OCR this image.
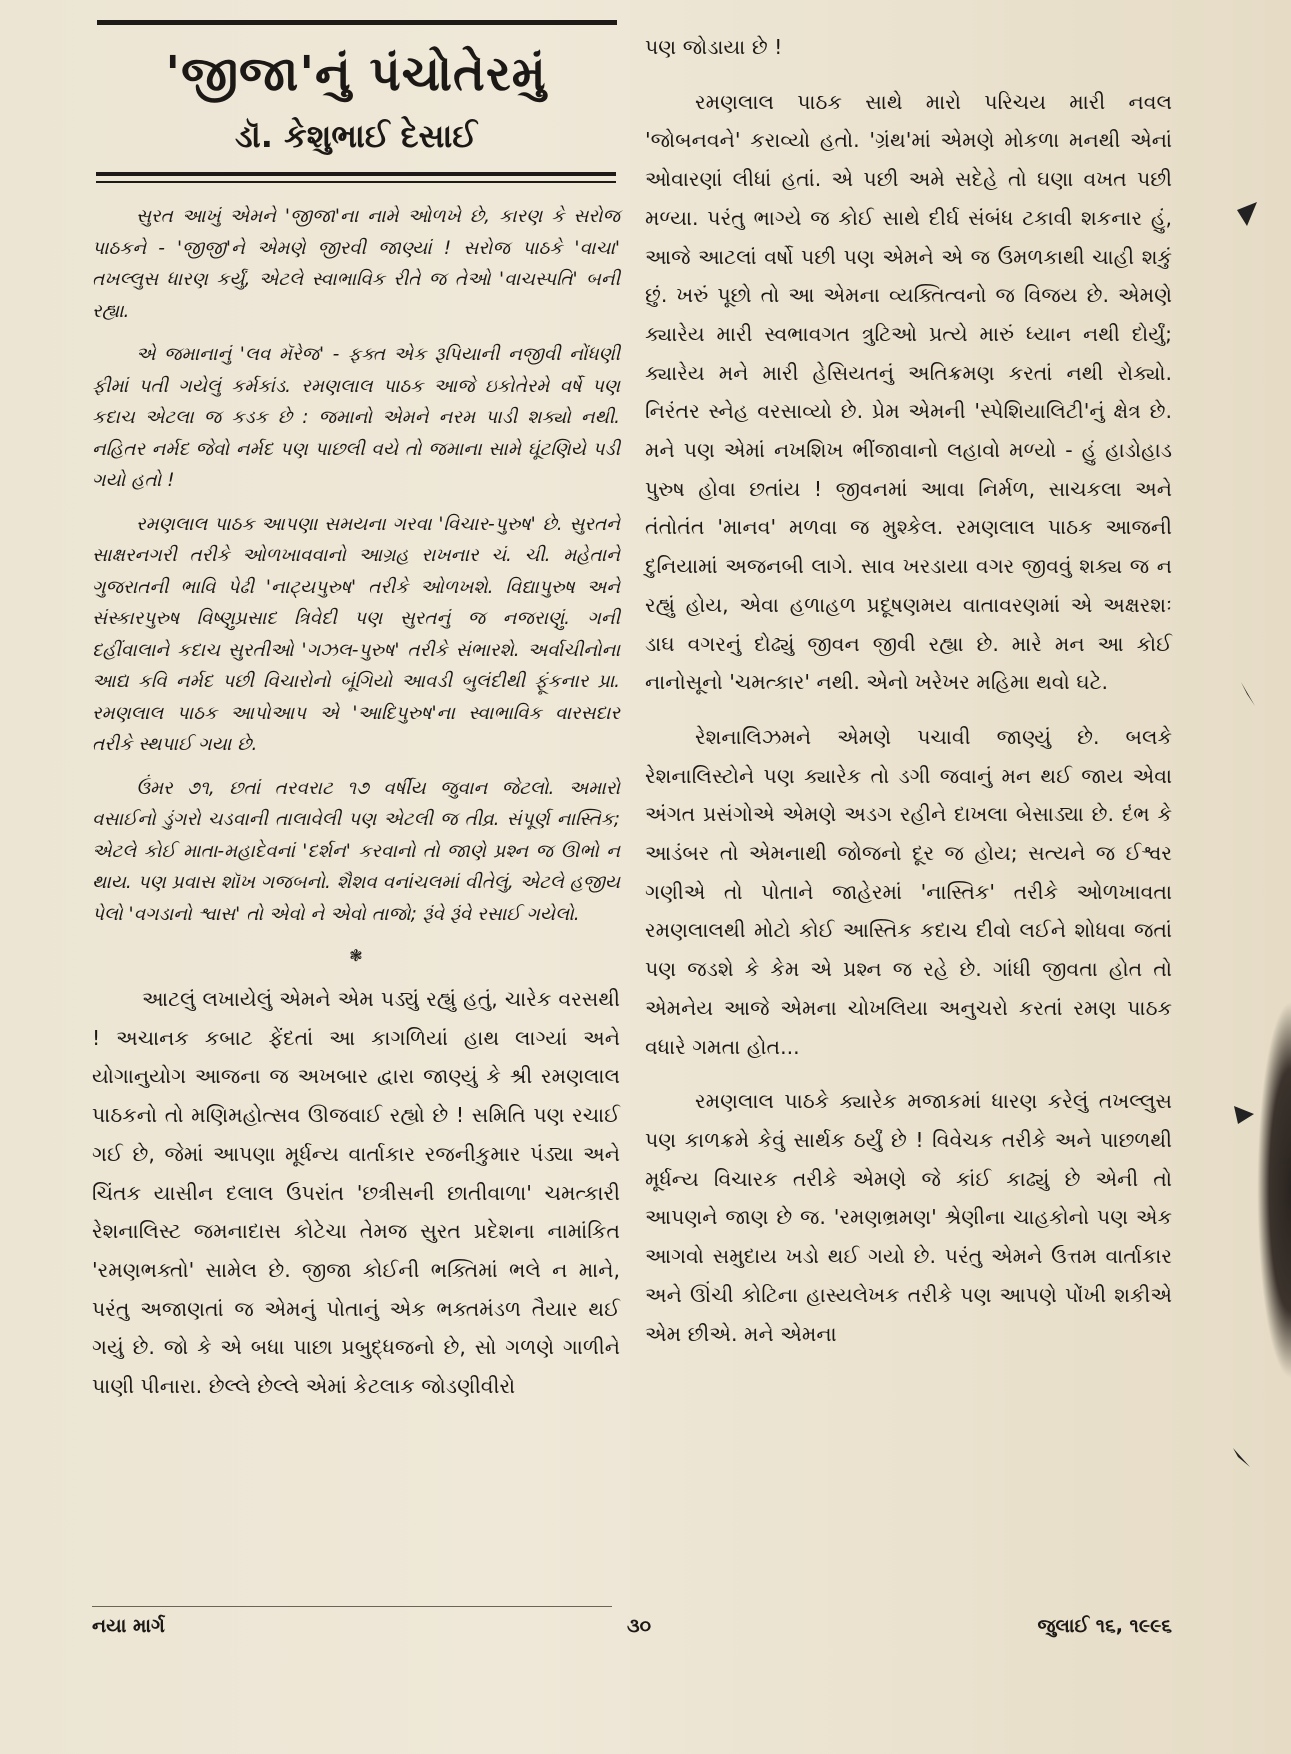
'જીજા'નું પંચોતેરમું
ડૉ. કેશુભાઈ દેસાઈ

સુરત આખું એમને 'જીજા'ના નામે ઓળખે છે, કારણ કે સરોજ પાઠકને - 'જીજી'ને એમણે જીરવી જાણ્યાં ! સરોજ પાઠકે 'વાચા' તખલ્લુસ ધારણ કર્યું, એટલે સ્વાભાવિક રીતે જ તેઓ 'વાચસ્પતિ' બની રહ્યા.

એ જમાનાનું 'લવ મૅરેજ' - ફક્ત એક રૂપિયાની નજીવી નોંધણી ફીમાં પતી ગયેલું કર્મકાંડ. રમણલાલ પાઠક આજે ઇકોતેરમે વર્ષે પણ કદાચ એટલા જ કડક છે : જમાનો એમને નરમ પાડી શક્યો નથી. નહિતર નર્મદ જેવો નર્મદ પણ પાછલી વયે તો જમાના સામે ઘૂંટણિયે પડી ગયો હતો !

રમણલાલ પાઠક આપણા સમયના ગરવા 'વિચાર-પુરુષ' છે. સુરતને સાક્ષરનગરી તરીકે ઓળખાવવાનો આગ્રહ રાખનાર ચં. ચી. મહેતાને ગુજરાતની ભાવિ પેઢી 'નાટ્યપુરુષ' તરીકે ઓળખશે. વિદ્યાપુરુષ અને સંસ્કારપુરુષ વિષ્ણુપ્રસાદ ત્રિવેદી પણ સુરતનું જ નજરાણું. ગની દહીંવાલાને કદાચ સુરતીઓ 'ગઝલ-પુરુષ' તરીકે સંભારશે. અર્વાચીનોના આદ્ય કવિ નર્મદ પછી વિચારોનો બૂંગિયો આવડી બુલંદીથી ફૂંકનાર પ્રા. રમણલાલ પાઠક આપોઆપ એ 'આદિપુરુષ'ના સ્વાભાવિક વારસદાર તરીકે સ્થપાઈ ગયા છે.

ઉંમર ૭૧, છતાં તરવરાટ ૧૭ વર્ષીય જુવાન જેટલો. અમારો વસાઈનો ડુંગરો ચડવાની તાલાવેલી પણ એટલી જ તીવ્ર. સંપૂર્ણ નાસ્તિક; એટલે કોઈ માતા-મહાદેવનાં 'દર્શન' કરવાનો તો જાણે પ્રશ્ન જ ઊભો ન થાય. પણ પ્રવાસ શૉખ ગજબનો. શૈશવ વનાંચલમાં વીતેલું, એટલે હજીય પેલો 'વગડાનો શ્વાસ' તો એવો ને એવો તાજો; રૂંવે રૂંવે રસાઈ ગયેલો.

❃

આટલું લખાયેલું એમને એમ પડ્યું રહ્યું હતું, ચારેક વરસથી ! અચાનક કબાટ ફેંદતાં આ કાગળિયાં હાથ લાગ્યાં અને યોગાનુયોગ આજના જ અખબાર દ્વારા જાણ્યું કે શ્રી રમણલાલ પાઠકનો તો મણિમહોત્સવ ઊજવાઈ રહ્યો છે ! સમિતિ પણ રચાઈ ગઈ છે, જેમાં આપણા મૂર્ધન્ય વાર્તાકાર રજનીકુમાર પંડ્યા અને ચિંતક યાસીન દલાલ ઉપરાંત 'છત્રીસની છાતીવાળા' ચમત્કારી રેશનાલિસ્ટ જમનાદાસ કોટેચા તેમજ સુરત પ્રદેશના નામાંકિત 'રમણભક્તો' સામેલ છે. જીજા કોઈની ભક્તિમાં ભલે ન માને, પરંતુ અજાણતાં જ એમનું પોતાનું એક ભક્તમંડળ તૈયાર થઈ ગયું છે. જો કે એ બધા પાછા પ્રબુદ્ધજનો છે, સો ગળણે ગાળીને પાણી પીનારા. છેલ્લે છેલ્લે એમાં કેટલાક જોડણીવીરો

પણ જોડાયા છે !

રમણલાલ પાઠક સાથે મારો પરિચય મારી નવલ 'જોબનવને' કરાવ્યો હતો. 'ગ્રંથ'માં એમણે મોકળા મનથી એનાં ઓવારણાં લીધાં હતાં. એ પછી અમે સદેહે તો ઘણા વખત પછી મળ્યા. પરંતુ ભાગ્યે જ કોઈ સાથે દીર્ઘ સંબંધ ટકાવી શકનાર હું, આજે આટલાં વર્ષો પછી પણ એમને એ જ ઉમળકાથી ચાહી શકું છું. ખરું પૂછો તો આ એમના વ્યક્તિત્વનો જ વિજય છે. એમણે ક્યારેય મારી સ્વભાવગત ત્રુટિઓ પ્રત્યે મારું ધ્યાન નથી દોર્યું; ક્યારેય મને મારી હેસિયતનું અતિક્રમણ કરતાં નથી રોક્યો. નિરંતર સ્નેહ વરસાવ્યો છે. પ્રેમ એમની 'સ્પેશિયાલિટી'નું ક્ષેત્ર છે. મને પણ એમાં નખશિખ ભીંજાવાનો લહાવો મળ્યો - હું હાડોહાડ પુરુષ હોવા છતાંય ! જીવનમાં આવા નિર્મળ, સાચકલા અને તંતોતંત 'માનવ' મળવા જ મુશ્કેલ. રમણલાલ પાઠક આજની દુનિયામાં અજનબી લાગે. સાવ ખરડાયા વગર જીવવું શક્ય જ ન રહ્યું હોય, એવા હળાહળ પ્રદૂષણમય વાતાવરણમાં એ અક્ષરશઃ ડાઘ વગરનું દોઢ્યું જીવન જીવી રહ્યા છે. મારે મન આ કોઈ નાનોસૂનો 'ચમત્કાર' નથી. એનો ખરેખર મહિમા થવો ઘટે.

રેશનાલિઝમને એમણે પચાવી જાણ્યું છે. બલકે રેશનાલિસ્ટોને પણ ક્યારેક તો ડગી જવાનું મન થઈ જાય એવા અંગત પ્રસંગોએ એમણે અડગ રહીને દાખલા બેસાડ્યા છે. દંભ કે આડંબર તો એમનાથી જોજનો દૂર જ હોય; સત્યને જ ઈશ્વર ગણીએ તો પોતાને જાહેરમાં 'નાસ્તિક' તરીકે ઓળખાવતા રમણલાલથી મોટો કોઈ આસ્તિક કદાચ દીવો લઈને શોધવા જતાં પણ જડશે કે કેમ એ પ્રશ્ન જ રહે છે. ગાંધી જીવતા હોત તો એમનેય આજે એમના ચોખલિયા અનુચરો કરતાં રમણ પાઠક વધારે ગમતા હોત...

રમણલાલ પાઠકે ક્યારેક મજાકમાં ધારણ કરેલું તખલ્લુસ પણ કાળક્રમે કેવું સાર્થક ઠર્યું છે ! વિવેચક તરીકે અને પાછળથી મૂર્ધન્ય વિચારક તરીકે એમણે જે કાંઈ કાઢ્યું છે એની તો આપણને જાણ છે જ. 'રમણભ્રમણ' શ્રેણીના ચાહકોનો પણ એક આગવો સમુદાય ખડો થઈ ગયો છે. પરંતુ એમને ઉત્તમ વાર્તાકાર અને ઊંચી કોટિના હાસ્યલેખક તરીકે પણ આપણે પોંખી શકીએ એમ છીએ. મને એમના

નયા માર્ગ	૩૦	જુલાઈ ૧૬, ૧૯૯૬
